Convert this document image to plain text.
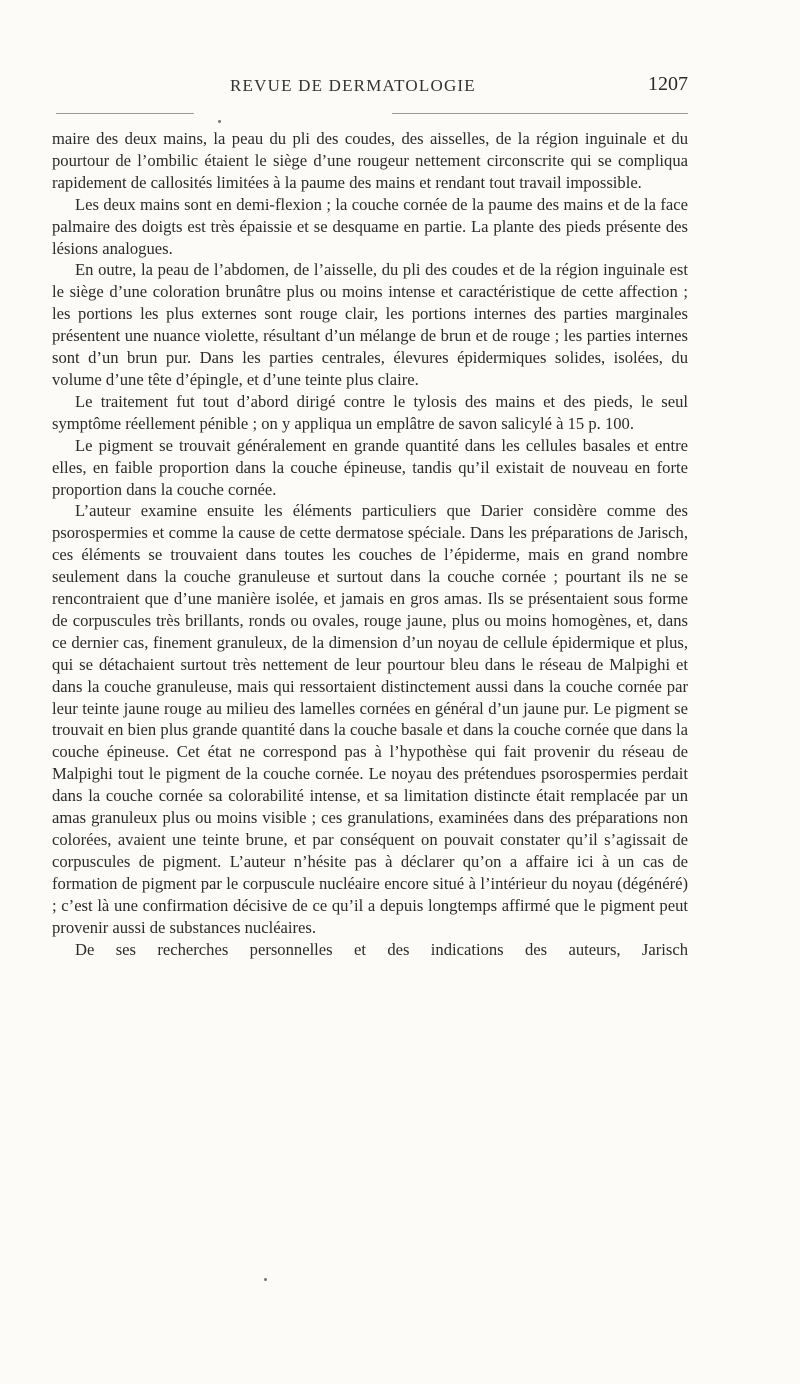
REVUE DE DERMATOLOGIE	1207

maire des deux mains, la peau du pli des coudes, des aisselles, de la région inguinale et du pourtour de l’ombilic étaient le siège d’une rougeur nettement circonscrite qui se compliqua rapidement de callosités limitées à la paume des mains et rendant tout travail impossible.

Les deux mains sont en demi-flexion ; la couche cornée de la paume des mains et de la face palmaire des doigts est très épaissie et se desquame en partie. La plante des pieds présente des lésions analogues.

En outre, la peau de l’abdomen, de l’aisselle, du pli des coudes et de la région inguinale est le siège d’une coloration brunâtre plus ou moins intense et caractéristique de cette affection ; les portions les plus externes sont rouge clair, les portions internes des parties marginales présentent une nuance violette, résultant d’un mélange de brun et de rouge ; les parties internes sont d’un brun pur. Dans les parties centrales, élevures épidermiques solides, isolées, du volume d’une tête d’épingle, et d’une teinte plus claire.

Le traitement fut tout d’abord dirigé contre le tylosis des mains et des pieds, le seul symptôme réellement pénible ; on y appliqua un emplâtre de savon salicylé à 15 p. 100.

Le pigment se trouvait généralement en grande quantité dans les cellules basales et entre elles, en faible proportion dans la couche épineuse, tandis qu’il existait de nouveau en forte proportion dans la couche cornée.

L’auteur examine ensuite les éléments particuliers que Darier considère comme des psorospermies et comme la cause de cette dermatose spéciale. Dans les préparations de Jarisch, ces éléments se trouvaient dans toutes les couches de l’épiderme, mais en grand nombre seulement dans la couche granuleuse et surtout dans la couche cornée ; pourtant ils ne se rencontraient que d’une manière isolée, et jamais en gros amas. Ils se présentaient sous forme de corpuscules très brillants, ronds ou ovales, rouge jaune, plus ou moins homogènes, et, dans ce dernier cas, finement granuleux, de la dimension d’un noyau de cellule épidermique et plus, qui se détachaient surtout très nettement de leur pourtour bleu dans le réseau de Malpighi et dans la couche granuleuse, mais qui ressortaient distinctement aussi dans la couche cornée par leur teinte jaune rouge au milieu des lamelles cornées en général d’un jaune pur. Le pigment se trouvait en bien plus grande quantité dans la couche basale et dans la couche cornée que dans la couche épineuse. Cet état ne correspond pas à l’hypothèse qui fait provenir du réseau de Malpighi tout le pigment de la couche cornée. Le noyau des prétendues psorospermies perdait dans la couche cornée sa colorabilité intense, et sa limitation distincte était remplacée par un amas granuleux plus ou moins visible ; ces granulations, examinées dans des préparations non colorées, avaient une teinte brune, et par conséquent on pouvait constater qu’il s’agissait de corpuscules de pigment. L’auteur n’hésite pas à déclarer qu’on a affaire ici à un cas de formation de pigment par le corpuscule nucléaire encore situé à l’intérieur du noyau (dégénéré) ; c’est là une confirmation décisive de ce qu’il a depuis longtemps affirmé que le pigment peut provenir aussi de substances nucléaires.

De ses recherches personnelles et des indications des auteurs, Jarisch
